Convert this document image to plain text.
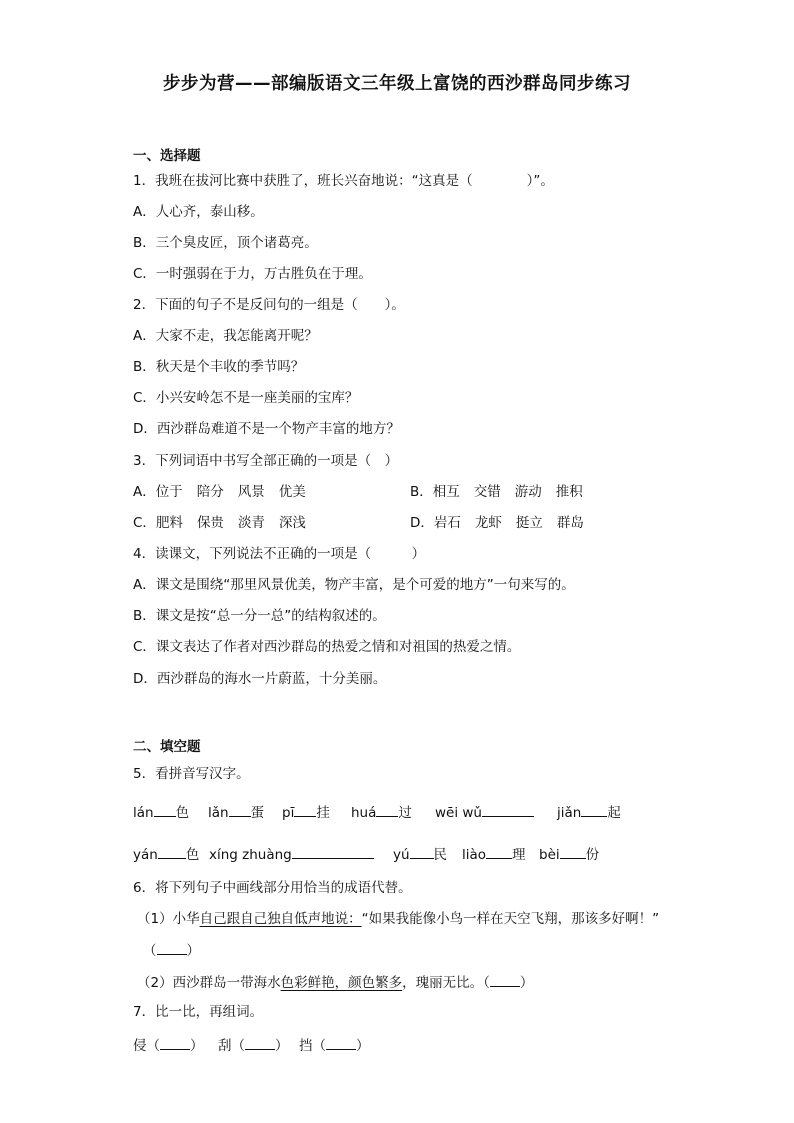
步步为营——部编版语文三年级上富饶的西沙群岛同步练习
一、选择题
1．我班在拔河比赛中获胜了，班长兴奋地说：“这真是（　　　　）”。
A．人心齐，泰山移。
B．三个臭皮匠，顶个诸葛亮。
C．一时强弱在于力，万古胜负在于理。
2．下面的句子不是反问句的一组是（　　）。
A．大家不走，我怎能离开呢？
B．秋天是个丰收的季节吗？
C．小兴安岭怎不是一座美丽的宝库？
D．西沙群岛难道不是一个物产丰富的地方？
3．下列词语中书写全部正确的一项是（　）
A．位于 陪分 风景 优美	B．相互 交错 游动 推积
C．肥料 保贵 淡青 深浅	D．岩石 龙虾 挺立 群岛
4．读课文，下列说法不正确的一项是（　　　）
A．课文是围绕“那里风景优美，物产丰富，是个可爱的地方”一句来写的。
B．课文是按“总一分一总”的结构叙述的。
C．课文表达了作者对西沙群岛的热爱之情和对祖国的热爱之情。
D．西沙群岛的海水一片蔚蓝，十分美丽。
二、填空题
5．看拼音写汉字。
lán 色 lǎn 蛋 pī 挂 huá 过 wēi wǔ	jiǎn 起
yán 色 xíng zhuàng	yú 民 liào 理 bèi 份
6．将下列句子中画线部分用恰当的成语代替。
（1）小华自己跟自己独自低声地说：“如果我能像小鸟一样在天空飞翔，那该多好啊！”
（ ）
（2）西沙群岛一带海水色彩鲜艳，颜色繁多，瑰丽无比。（ ）
7．比一比，再组词。
侵（ ） 刮（ ） 挡（ ）
